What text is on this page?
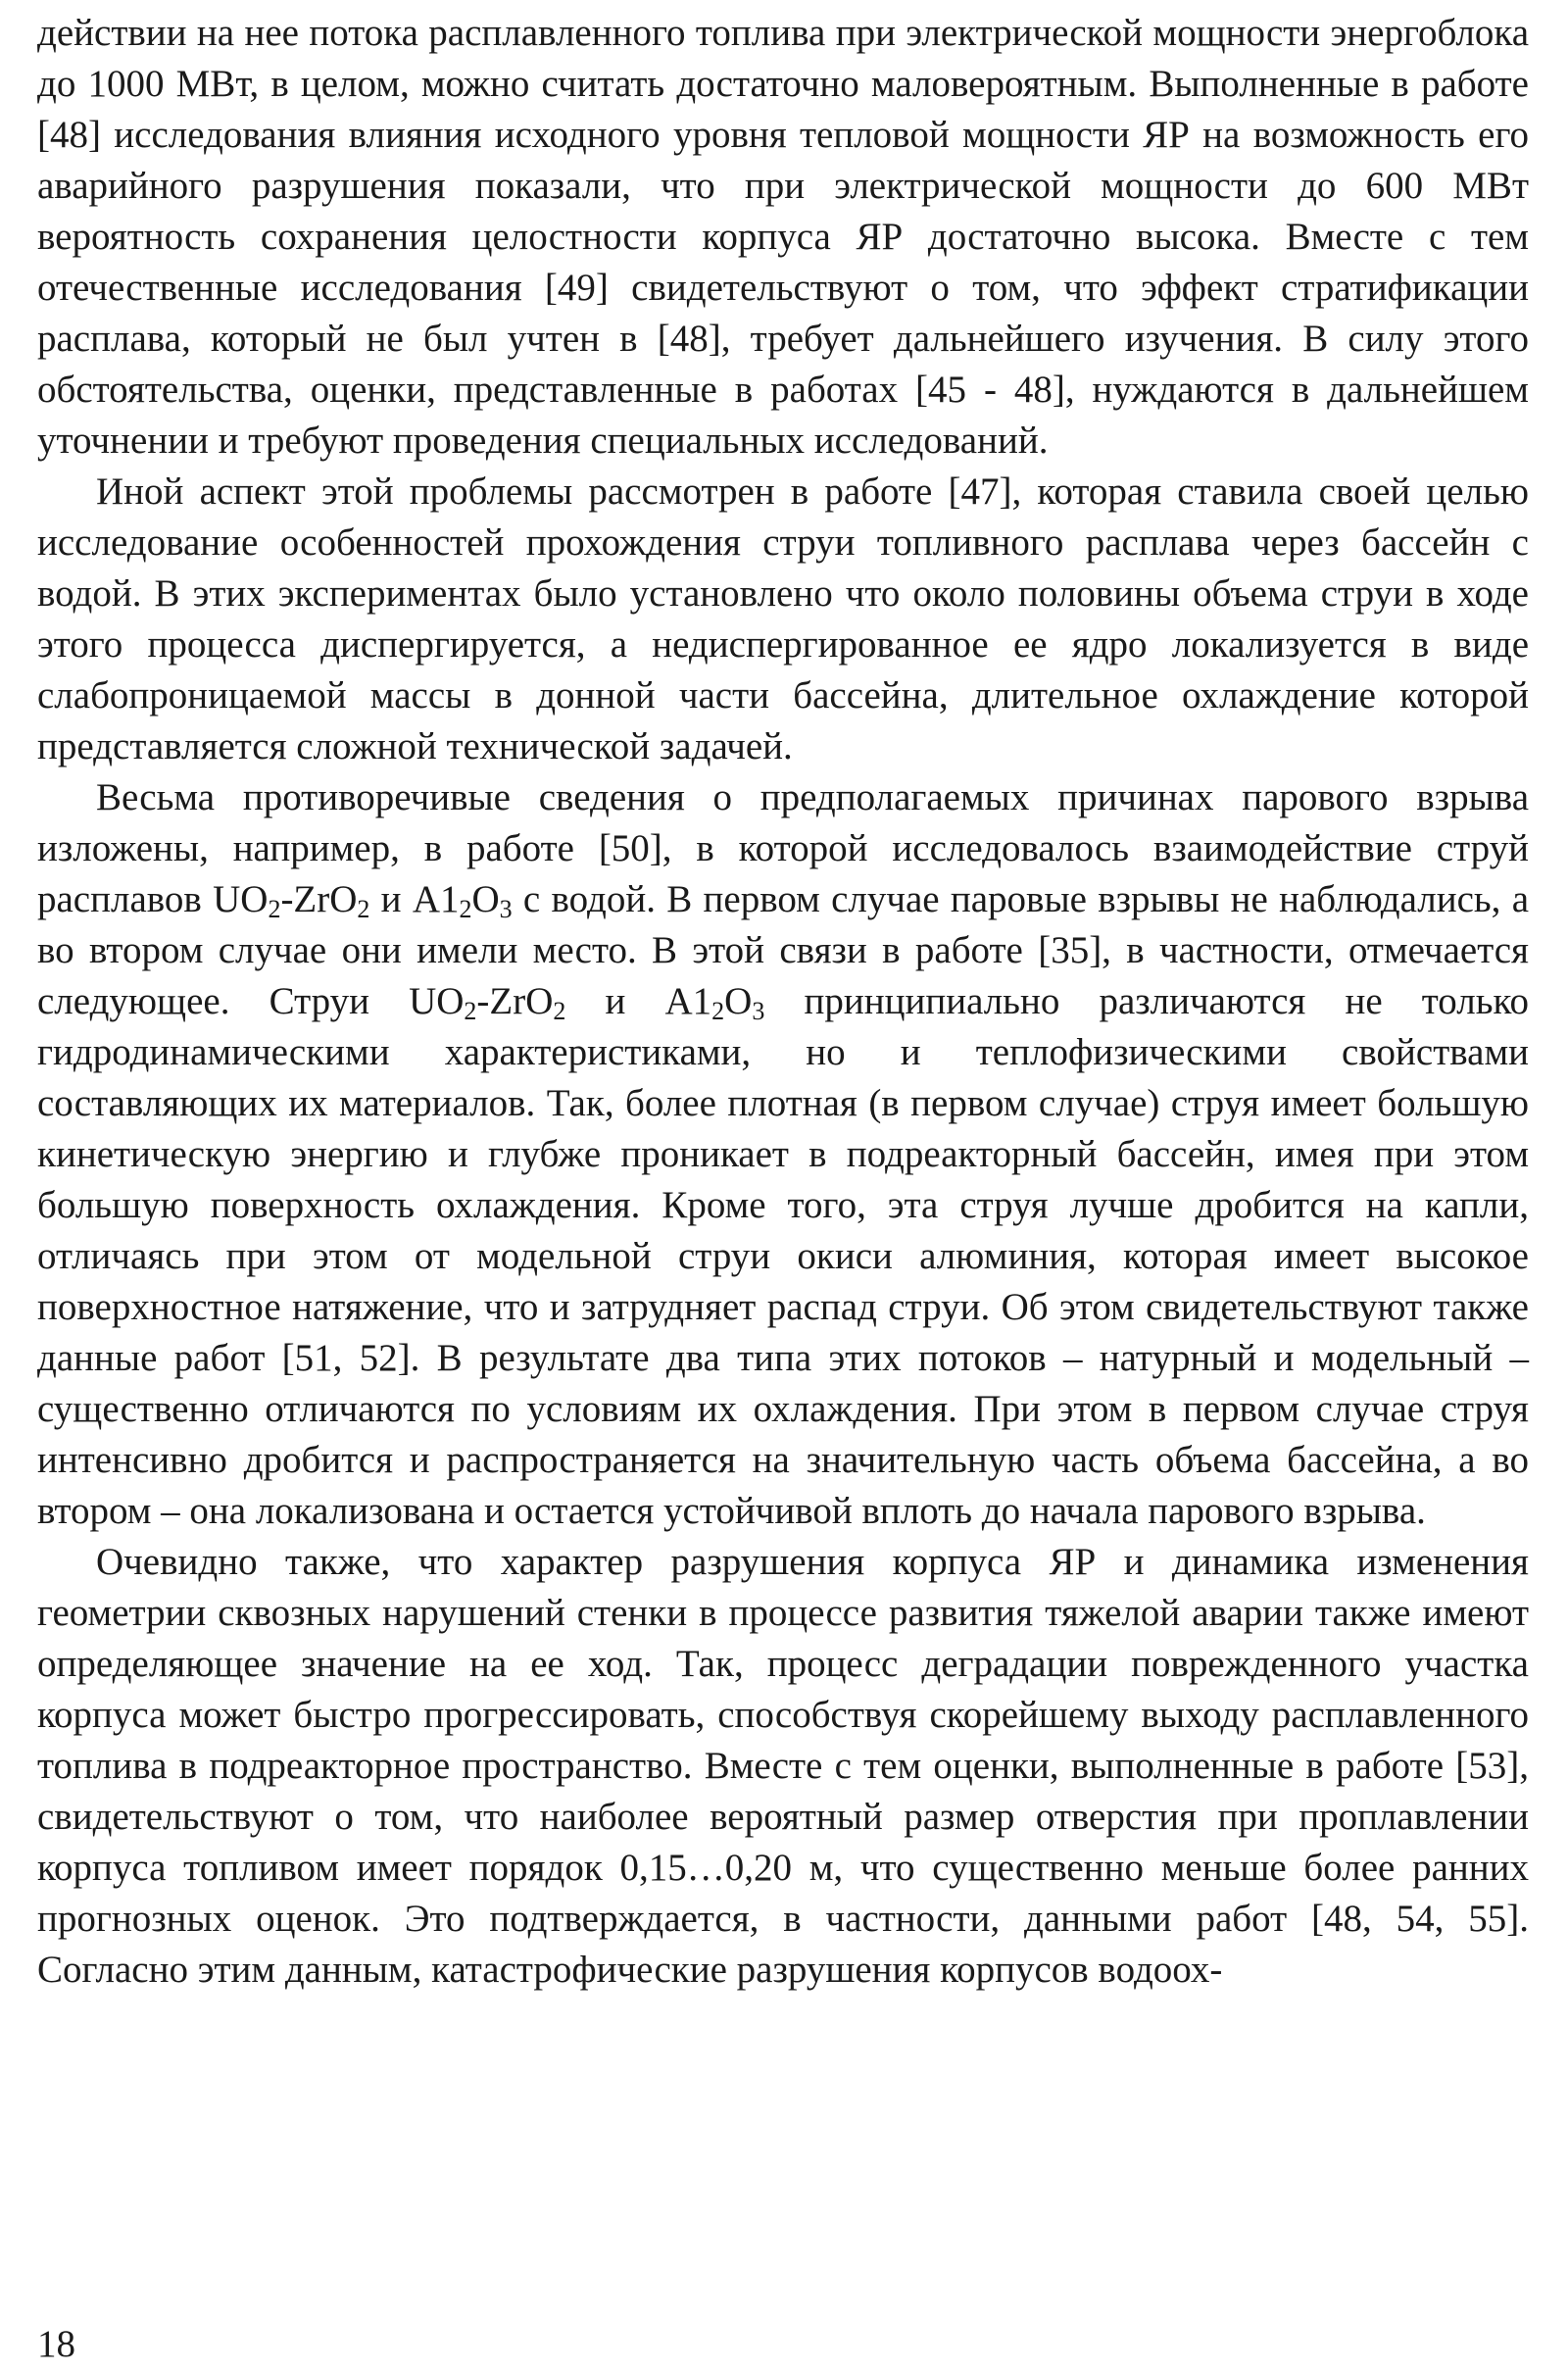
действии на нее потока расплавленного топлива при электрической мощности энергоблока до 1000 МВт, в целом, можно считать достаточно маловероятным. Выполненные в работе [48] исследования влияния исходного уровня тепловой мощности ЯР на возможность его аварийного разрушения показали, что при электрической мощности до 600 МВт вероятность сохранения целостности корпуса ЯР достаточно высока. Вместе с тем отечественные исследования [49] свидетельствуют о том, что эффект стратификации расплава, который не был учтен в [48], требует дальнейшего изучения. В силу этого обстоятельства, оценки, представленные в работах [45 - 48], нуждаются в дальнейшем уточнении и требуют проведения специальных исследований.

Иной аспект этой проблемы рассмотрен в работе [47], которая ставила своей целью исследование особенностей прохождения струи топливного расплава через бассейн с водой. В этих экспериментах было установлено что около половины объема струи в ходе этого процесса диспергируется, а недиспергированное ее ядро локализуется в виде слабопроницаемой массы в донной части бассейна, длительное охлаждение которой представляется сложной технической задачей.

Весьма противоречивые сведения о предполагаемых причинах парового взрыва изложены, например, в работе [50], в которой исследовалось взаимодействие струй расплавов $UO_2-ZrO_2$ и $A1_2O_3$ с водой. В первом случае паровые взрывы не наблюдались, а во втором случае они имели место. В этой связи в работе [35], в частности, отмечается следующее. Струи $UO_2-ZrO_2$ и $A1_2O_3$ принципиально различаются не только гидродинамическими характеристиками, но и теплофизическими свойствами составляющих их материалов. Так, более плотная (в первом случае) струя имеет большую кинетическую энергию и глубже проникает в подреакторный бассейн, имея при этом большую поверхность охлаждения. Кроме того, эта струя лучше дробится на капли, отличаясь при этом от модельной струи окиси алюминия, которая имеет высокое поверхностное натяжение, что и затрудняет распад струи. Об этом свидетельствуют также данные работ [51, 52]. В результате два типа этих потоков – натурный и модельный – существенно отличаются по условиям их охлаждения. При этом в первом случае струя интенсивно дробится и распространяется на значительную часть объема бассейна, а во втором – она локализована и остается устойчивой вплоть до начала парового взрыва.

Очевидно также, что характер разрушения корпуса ЯР и динамика изменения геометрии сквозных нарушений стенки в процессе развития тяжелой аварии также имеют определяющее значение на ее ход. Так, процесс деградации поврежденного участка корпуса может быстро прогрессировать, способствуя скорейшему выходу расплавленного топлива в подреакторное пространство. Вместе с тем оценки, выполненные в работе [53], свидетельствуют о том, что наиболее вероятный размер отверстия при проплавлении корпуса топливом имеет порядок 0,15…0,20 м, что существенно меньше более ранних прогнозных оценок. Это подтверждается, в частности, данными работ [48, 54, 55]. Согласно этим данным, катастрофические разрушения корпусов водоох-

18
